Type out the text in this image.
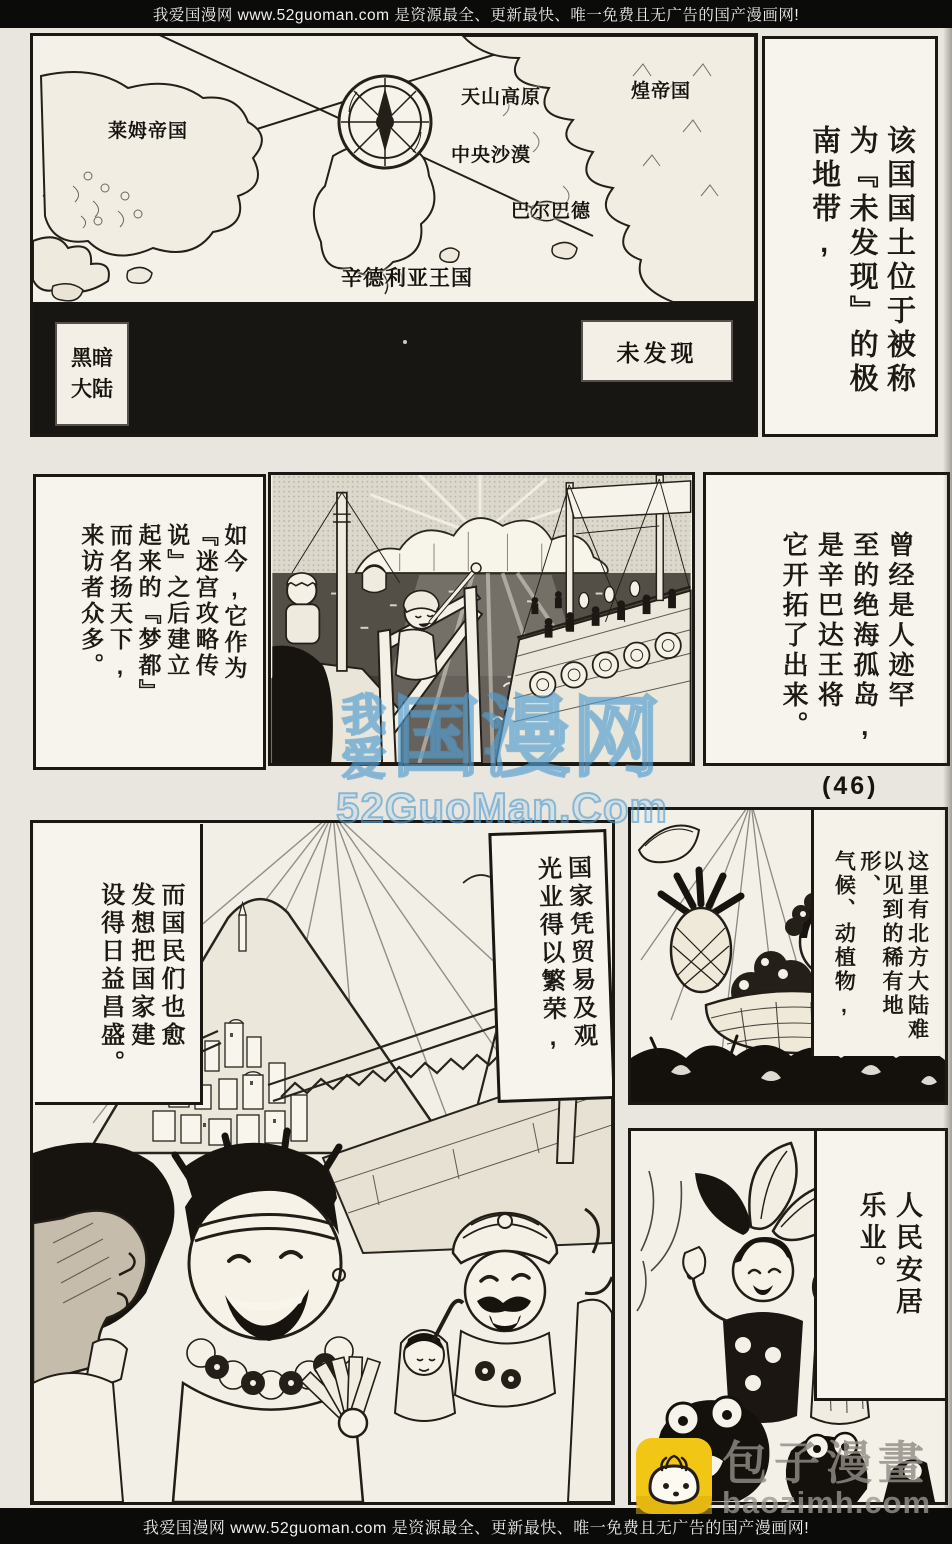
我爱国漫网 www.52guoman.com 是资源最全、更新最快、唯一免费且无广告的国产漫画网!
莱姆帝国
天山高原	煌帝国
中央沙漠
巴尔巴德
辛德利亚王国
黑暗
大陆
未发现	该国国土位于被称
为『未发现』的极
南地带,
如今,它作为
『迷宫攻略传
说』之后建立
起来的『梦都』
而名扬天下,
来访者众多。	曾经是人迹罕
至的绝海孤岛,
是辛巴达王将
它开拓了出来。
(46)
而国民们也愈
发想把国家建
设得日益昌盛。	国家凭贸易及观
光业得以繁荣,	这里有北方大陆难
以见到的稀有地形、
气候、动植物,
人民安居
乐业。
包子漫畫
baozimh.com
我爱国漫网 www.52guoman.com 是资源最全、更新最快、唯一免费且无广告的国产漫画网!
